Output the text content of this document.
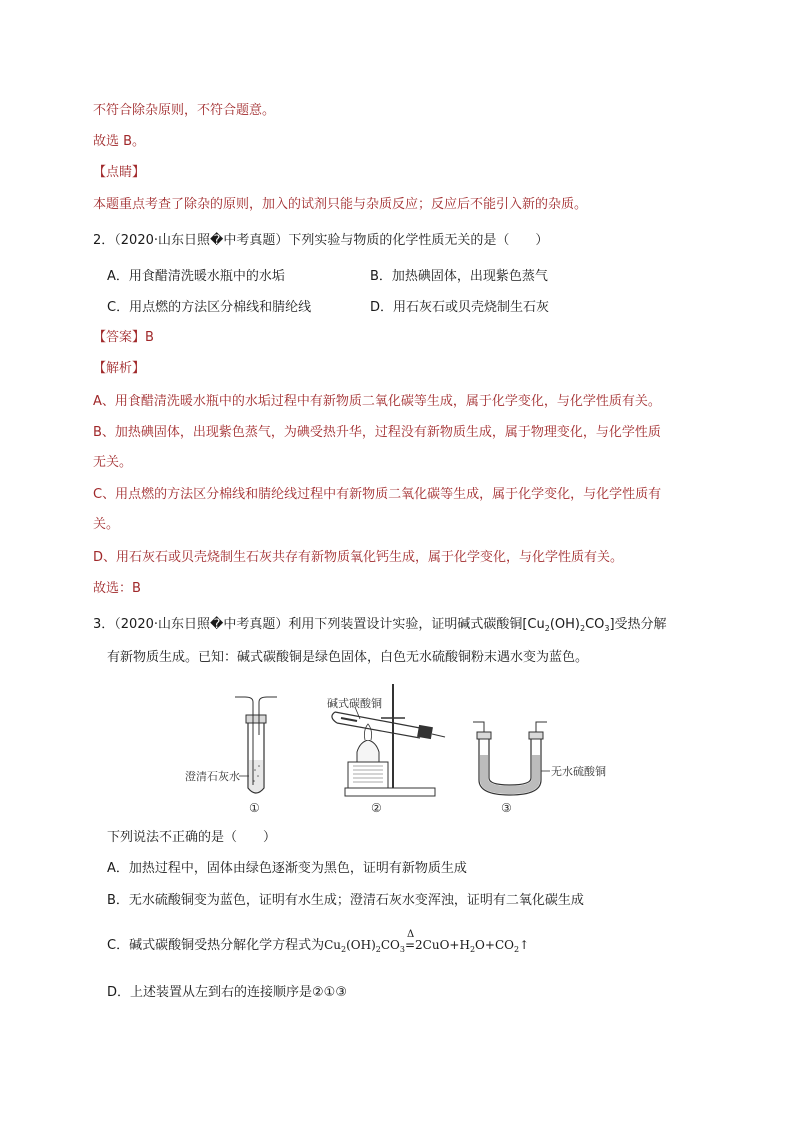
不符合除杂原则，不符合题意。
故选 B。
【点睛】
本题重点考查了除杂的原则，加入的试剂只能与杂质反应；反应后不能引入新的杂质。
2．（2020·山东日照�中考真题）下列实验与物质的化学性质无关的是（　　）
A．用食醋清洗暖水瓶中的水垢	B．加热碘固体，出现紫色蒸气
C．用点燃的方法区分棉线和腈纶线	D．用石灰石或贝壳烧制生石灰
【答案】B
【解析】
A、用食醋清洗暖水瓶中的水垢过程中有新物质二氧化碳等生成，属于化学变化，与化学性质有关。
B、加热碘固体，出现紫色蒸气，为碘受热升华，过程没有新物质生成，属于物理变化，与化学性质
无关。
C、用点燃的方法区分棉线和腈纶线过程中有新物质二氧化碳等生成，属于化学变化，与化学性质有
关。
D、用石灰石或贝壳烧制生石灰共存有新物质氧化钙生成，属于化学变化，与化学性质有关。
故选：B
3．（2020·山东日照�中考真题）利用下列装置设计实验，证明碱式碳酸铜$[Cu_2(OH)_2CO_3]$受热分解
有新物质生成。已知：碱式碳酸铜是绿色固体，白色无水硫酸铜粉末遇水变为蓝色。
澄清石灰水
①
碱式碳酸铜
②
无水硫酸铜
③
下列说法不正确的是（　　）
A．加热过程中，固体由绿色逐渐变为黑色，证明有新物质生成
B．无水硫酸铜变为蓝色，证明有水生成；澄清石灰水变浑浊，证明有二氧化碳生成
C．碱式碳酸铜受热分解化学方程式为$Cu_2(OH)_2CO_3$
Δ
$=2CuO+H_2O+CO_2↑$
D．上述装置从左到右的连接顺序是②①③
